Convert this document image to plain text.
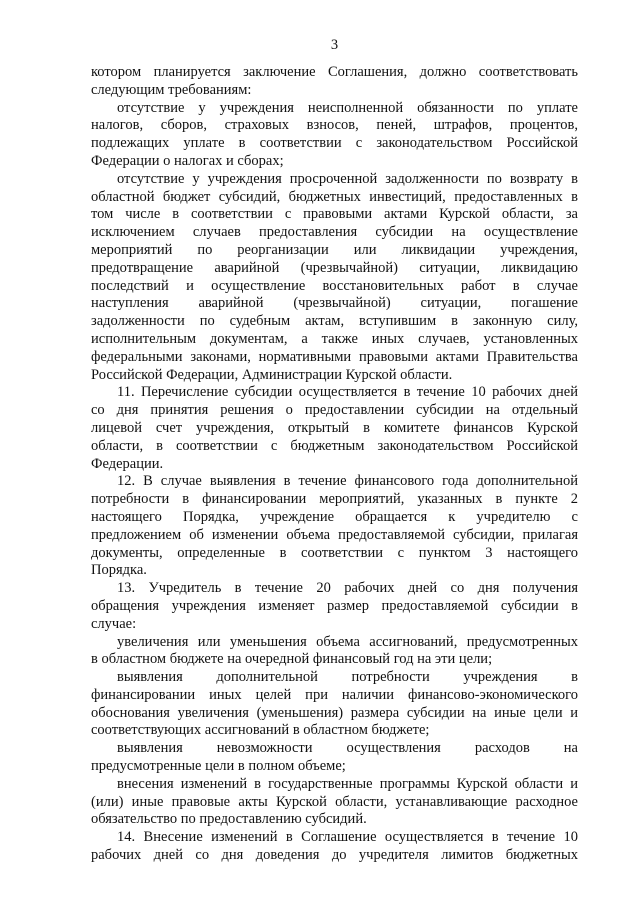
3
котором планируется заключение Соглашения, должно соответствовать
следующим требованиям:
отсутствие у учреждения неисполненной обязанности по уплате
налогов, сборов, страховых взносов, пеней, штрафов, процентов,
подлежащих уплате в соответствии с законодательством Российской
Федерации о налогах и сборах;
отсутствие у учреждения просроченной задолженности по возврату в
областной бюджет субсидий, бюджетных инвестиций, предоставленных в
том числе в соответствии с правовыми актами Курской области, за
исключением случаев предоставления субсидии на осуществление
мероприятий по реорганизации или ликвидации учреждения,
предотвращение аварийной (чрезвычайной) ситуации, ликвидацию
последствий и осуществление восстановительных работ в случае
наступления аварийной (чрезвычайной) ситуации, погашение
задолженности по судебным актам, вступившим в законную силу,
исполнительным документам, а также иных случаев, установленных
федеральными законами, нормативными правовыми актами Правительства
Российской Федерации, Администрации Курской области.
11. Перечисление субсидии осуществляется в течение 10 рабочих дней
со дня принятия решения о предоставлении субсидии на отдельный
лицевой счет учреждения, открытый в комитете финансов Курской
области, в соответствии с бюджетным законодательством Российской
Федерации.
12. В случае выявления в течение финансового года дополнительной
потребности в финансировании мероприятий, указанных в пункте 2
настоящего Порядка, учреждение обращается к учредителю с
предложением об изменении объема предоставляемой субсидии, прилагая
документы, определенные в соответствии с пунктом 3 настоящего
Порядка.
13. Учредитель в течение 20 рабочих дней со дня получения
обращения учреждения изменяет размер предоставляемой субсидии в
случае:
увеличения или уменьшения объема ассигнований, предусмотренных
в областном бюджете на очередной финансовый год на эти цели;
выявления дополнительной потребности учреждения в
финансировании иных целей при наличии финансово-экономического
обоснования увеличения (уменьшения) размера субсидии на иные цели и
соответствующих ассигнований в областном бюджете;
выявления невозможности осуществления расходов на
предусмотренные цели в полном объеме;
внесения изменений в государственные программы Курской области и
(или) иные правовые акты Курской области, устанавливающие расходное
обязательство по предоставлению субсидий.
14. Внесение изменений в Соглашение осуществляется в течение 10
рабочих дней со дня доведения до учредителя лимитов бюджетных
